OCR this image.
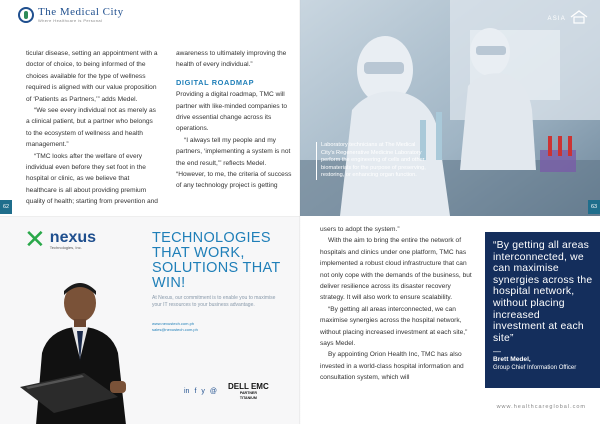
The Medical City
Where Healthcare is Personal

ticular disease, setting an appointment with a doctor of choice, to being informed of the choices available for the type of wellness required is aligned with our value proposition of ‘Patients as Partners,’” adds Medel.

“We see every individual not as merely as a clinical patient, but a partner who belongs to the ecosystem of wellness and health management.”

“TMC looks after the welfare of every individual even before they set foot in the hospital or clinic, as we believe that healthcare is all about providing premium quality of health; starting from prevention and

awareness to ultimately improving the health of every individual.”

DIGITAL ROADMAP

Providing a digital roadmap, TMC will partner with like-minded companies to drive essential change across its operations.

“I always tell my people and my partners, ‘implementing a system is not the end result,’” reflects Medel. “However, to me, the criteria of success of any technology project is getting

62
✕ nexus
Technologies, Inc.
TECHNOLOGIES THAT WORK, SOLUTIONS THAT WIN!
At Nexus, our commitment is to enable you to maximise your IT resources to your business advantage.
www.nexustech.com.ph
sales@nexustech.com.ph
in f y @
DELL EMC
PARTNER
TITANIUM
ASIA
Laboratory technicians at The Medical City's Regenerative Medicine Laboratory perform the engineering of cells and other biomaterials for the purpose of preserving, restoring, or enhancing organ function.
63

users to adopt the system.”

With the aim to bring the entire the network of hospitals and clinics under one platform, TMC has implemented a robust cloud infrastructure that can not only cope with the demands of the business, but deliver resilience across its disaster recovery strategy. It will also work to ensure scalability.

“By getting all areas interconnected, we can maximise synergies across the hospital network, without placing increased investment at each site,” says Medel.

By appointing Orion Health Inc, TMC has also invested in a world-class hospital information and consultation system, which will

“By getting all areas interconnected, we can maximise synergies across the hospital network, without placing increased investment at each site”
—
Brett Medel,
Group Chief Information Officer
www.healthcareglobal.com
